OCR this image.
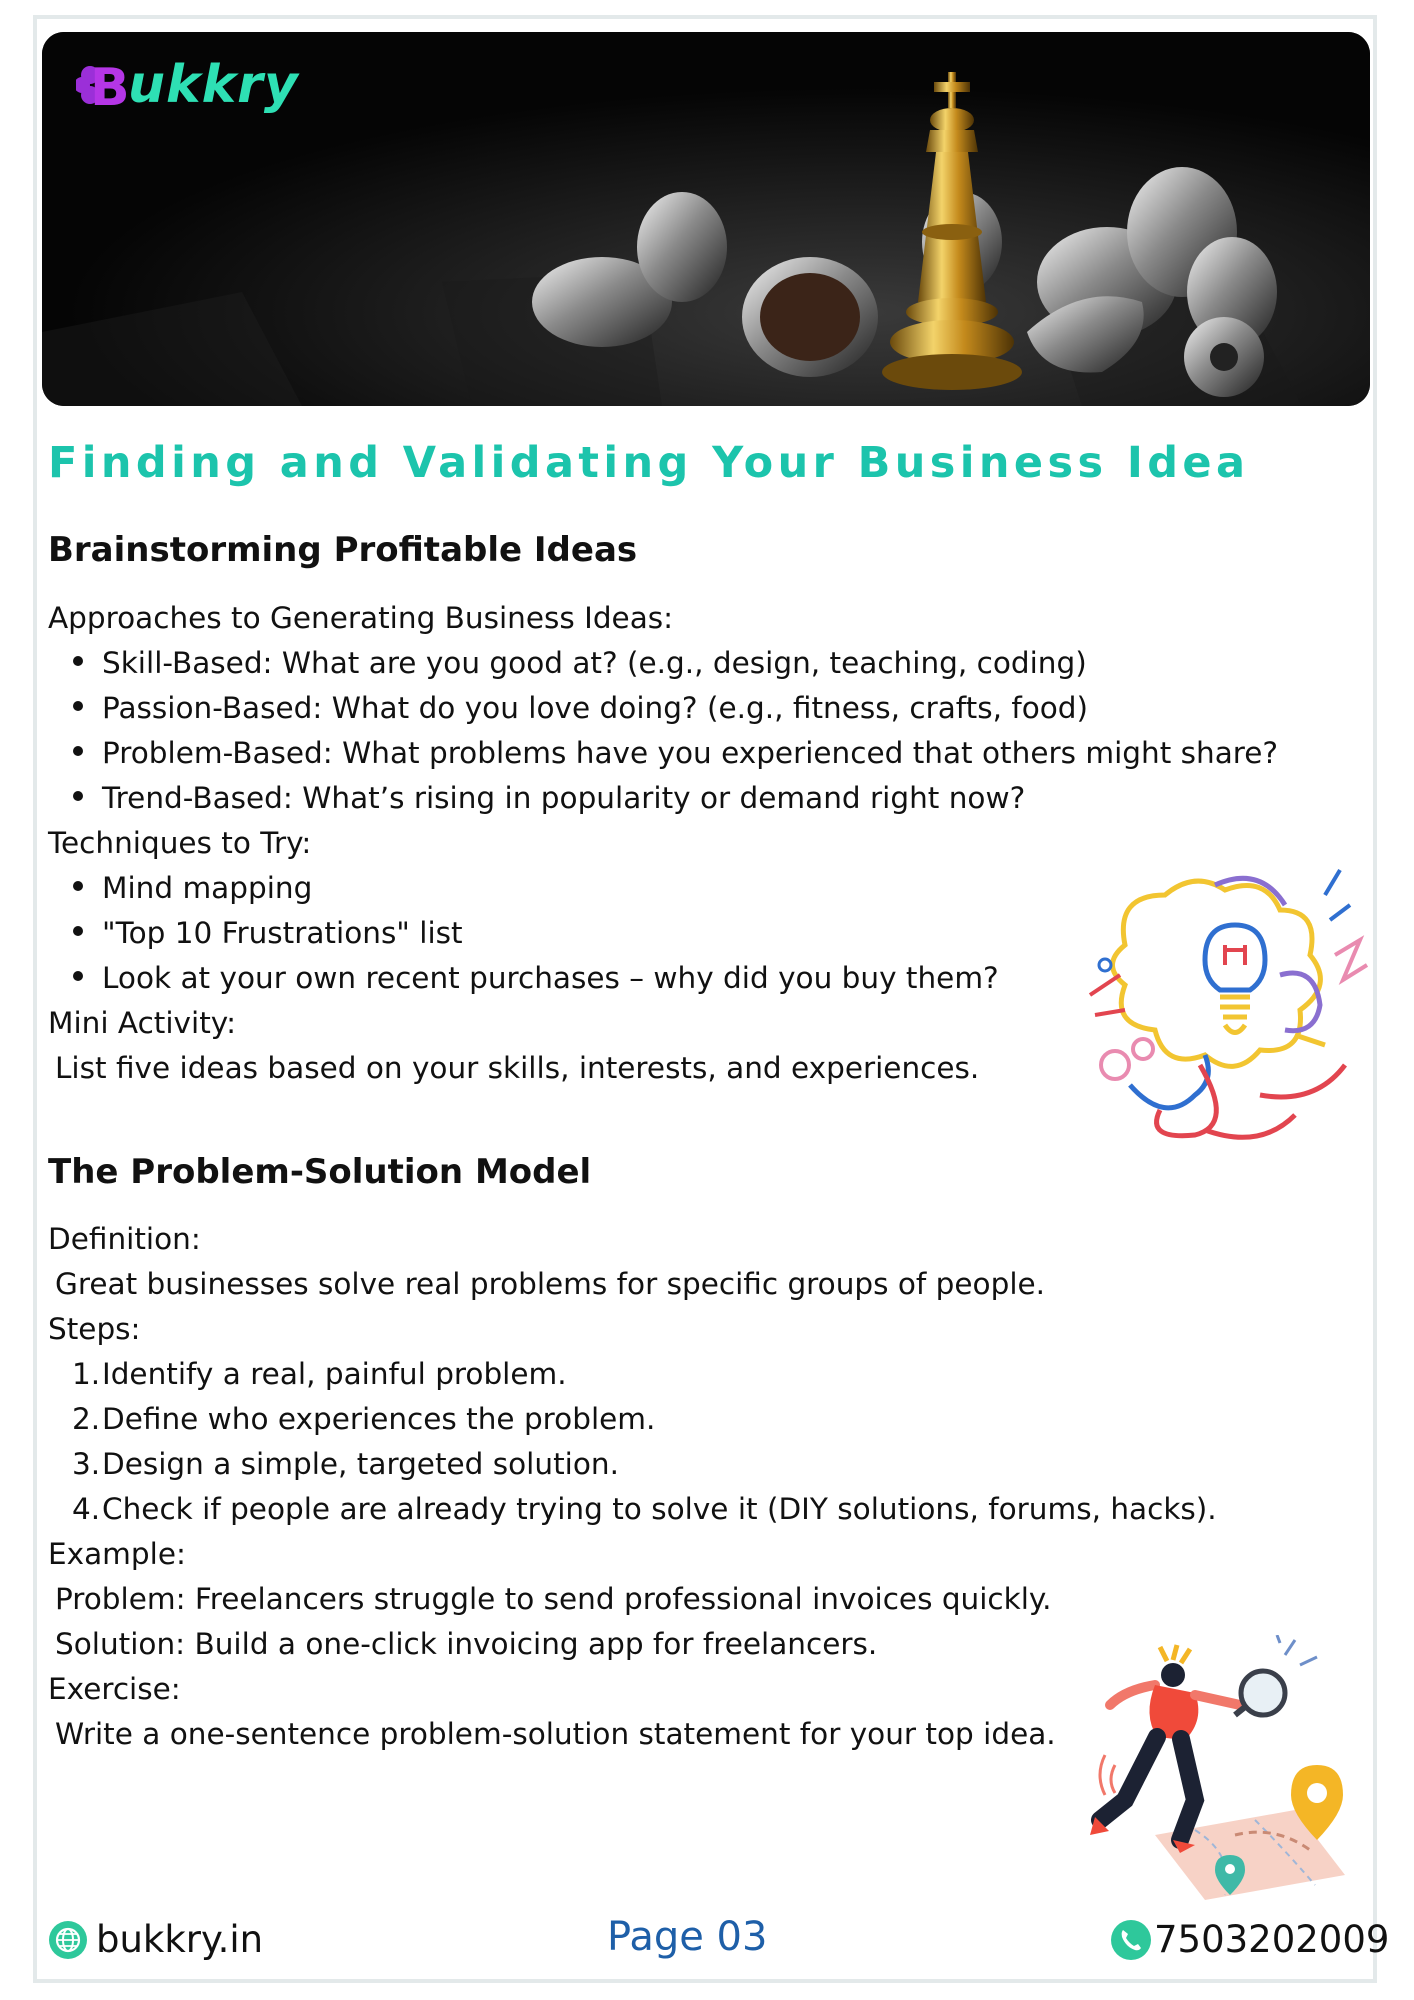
B
ukkry
Finding and Validating Your Business Idea
Brainstorming Profitable Ideas
Approaches to Generating Business Ideas:
Skill-Based: What are you good at? (e.g., design, teaching, coding)
Passion-Based: What do you love doing? (e.g., fitness, crafts, food)
Problem-Based: What problems have you experienced that others might share?
Trend-Based: What’s rising in popularity or demand right now?
Techniques to Try:
Mind mapping
"Top 10 Frustrations" list
Look at your own recent purchases – why did you buy them?
Mini Activity:
List five ideas based on your skills, interests, and experiences.
The Problem-Solution Model
Definition:
Great businesses solve real problems for specific groups of people.
Steps:
1. Identify a real, painful problem.
2. Define who experiences the problem.
3. Design a simple, targeted solution.
4. Check if people are already trying to solve it (DIY solutions, forums, hacks).
Example:
Problem: Freelancers struggle to send professional invoices quickly.
Solution: Build a one-click invoicing app for freelancers.
Exercise:
Write a one-sentence problem-solution statement for your top idea.
bukkry.in	Page 03	7503202009
